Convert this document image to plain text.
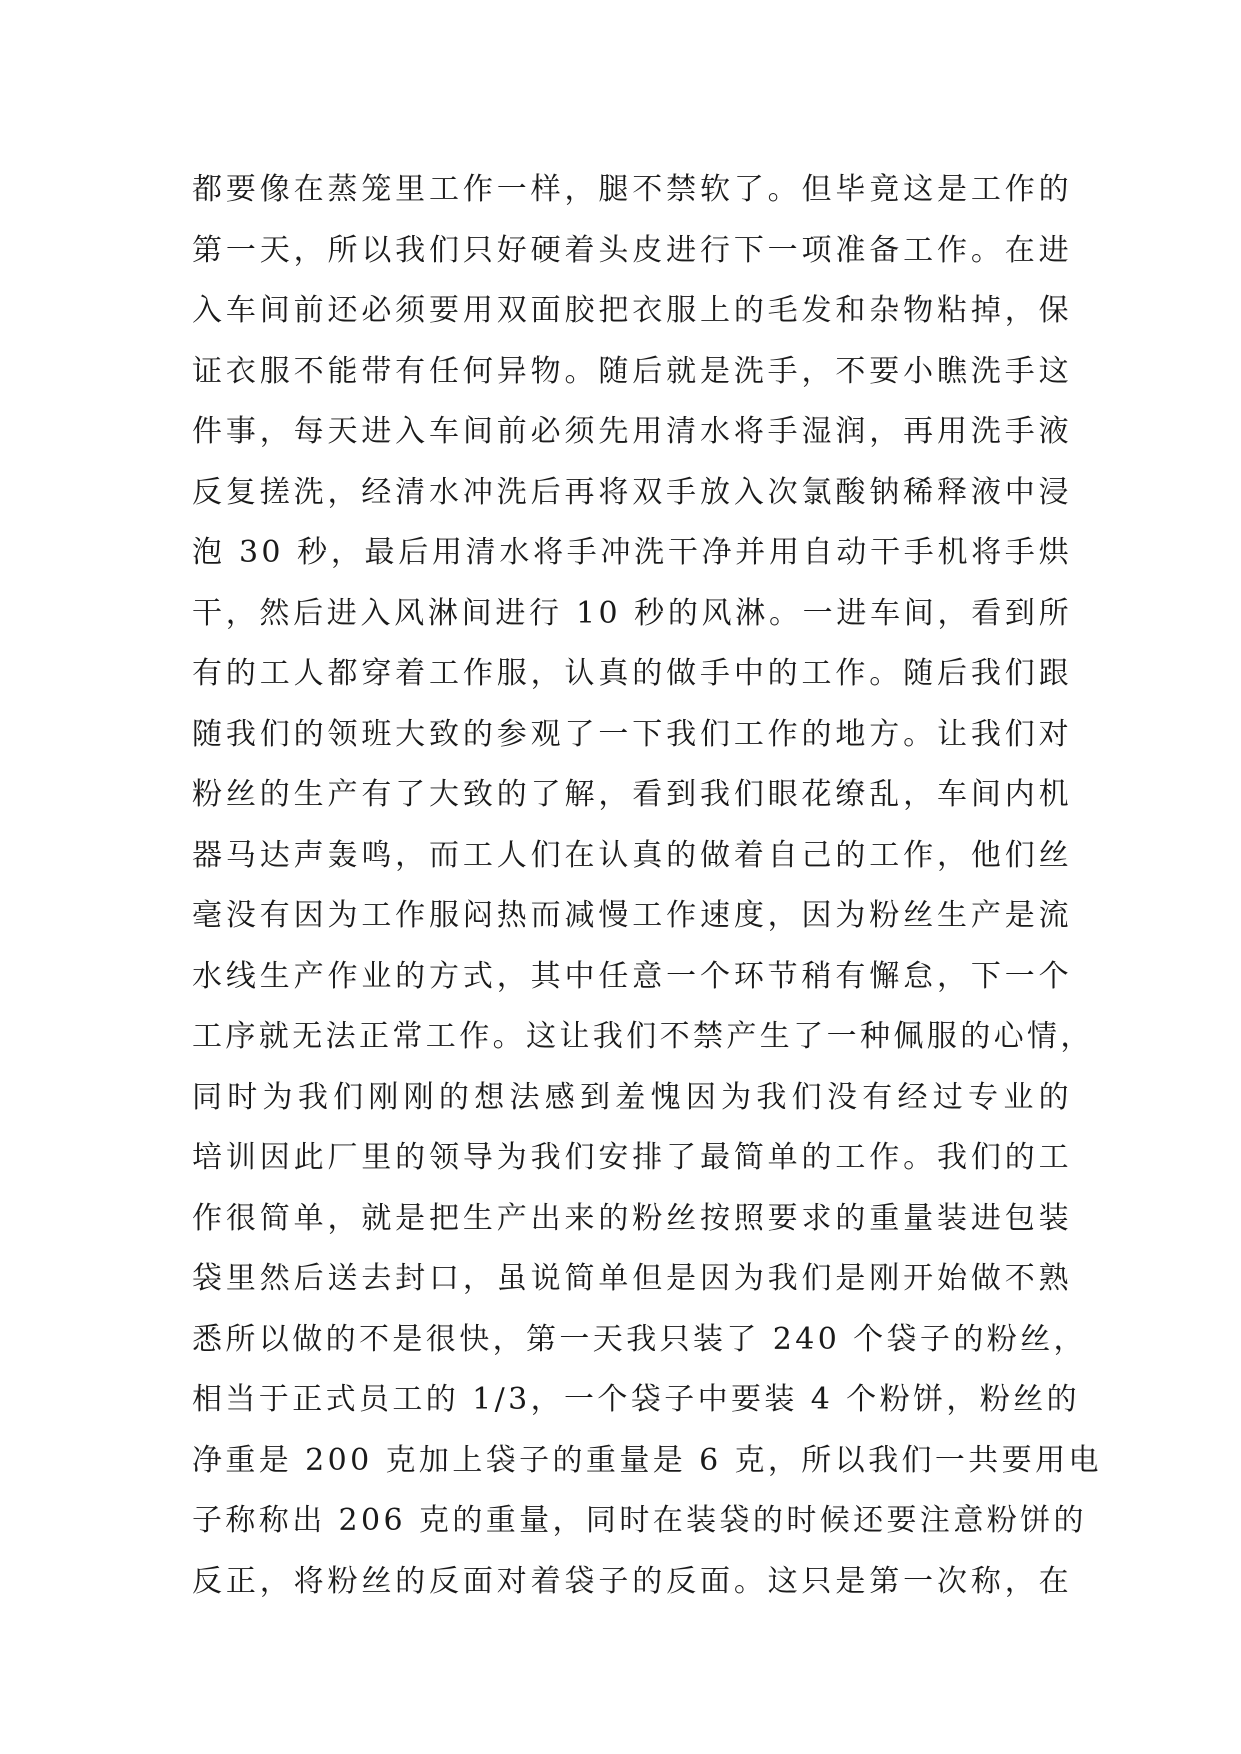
都要像在蒸笼里工作一样，腿不禁软了。但毕竟这是工作的
第一天，所以我们只好硬着头皮进行下一项准备工作。在进
入车间前还必须要用双面胶把衣服上的毛发和杂物粘掉，保
证衣服不能带有任何异物。随后就是洗手，不要小瞧洗手这
件事，每天进入车间前必须先用清水将手湿润，再用洗手液
反复搓洗，经清水冲洗后再将双手放入次氯酸钠稀释液中浸
泡 30 秒，最后用清水将手冲洗干净并用自动干手机将手烘
干，然后进入风淋间进行 10 秒的风淋。一进车间，看到所
有的工人都穿着工作服，认真的做手中的工作。随后我们跟
随我们的领班大致的参观了一下我们工作的地方。让我们对
粉丝的生产有了大致的了解，看到我们眼花缭乱，车间内机
器马达声轰鸣，而工人们在认真的做着自己的工作，他们丝
毫没有因为工作服闷热而减慢工作速度，因为粉丝生产是流
水线生产作业的方式，其中任意一个环节稍有懈怠，下一个
工序就无法正常工作。这让我们不禁产生了一种佩服的心情，
同时为我们刚刚的想法感到羞愧因为我们没有经过专业的
培训因此厂里的领导为我们安排了最简单的工作。我们的工
作很简单，就是把生产出来的粉丝按照要求的重量装进包装
袋里然后送去封口，虽说简单但是因为我们是刚开始做不熟
悉所以做的不是很快，第一天我只装了 240 个袋子的粉丝，
相当于正式员工的 1/3，一个袋子中要装 4 个粉饼，粉丝的
净重是 200 克加上袋子的重量是 6 克，所以我们一共要用电
子称称出 206 克的重量，同时在装袋的时候还要注意粉饼的
反正，将粉丝的反面对着袋子的反面。这只是第一次称，在
